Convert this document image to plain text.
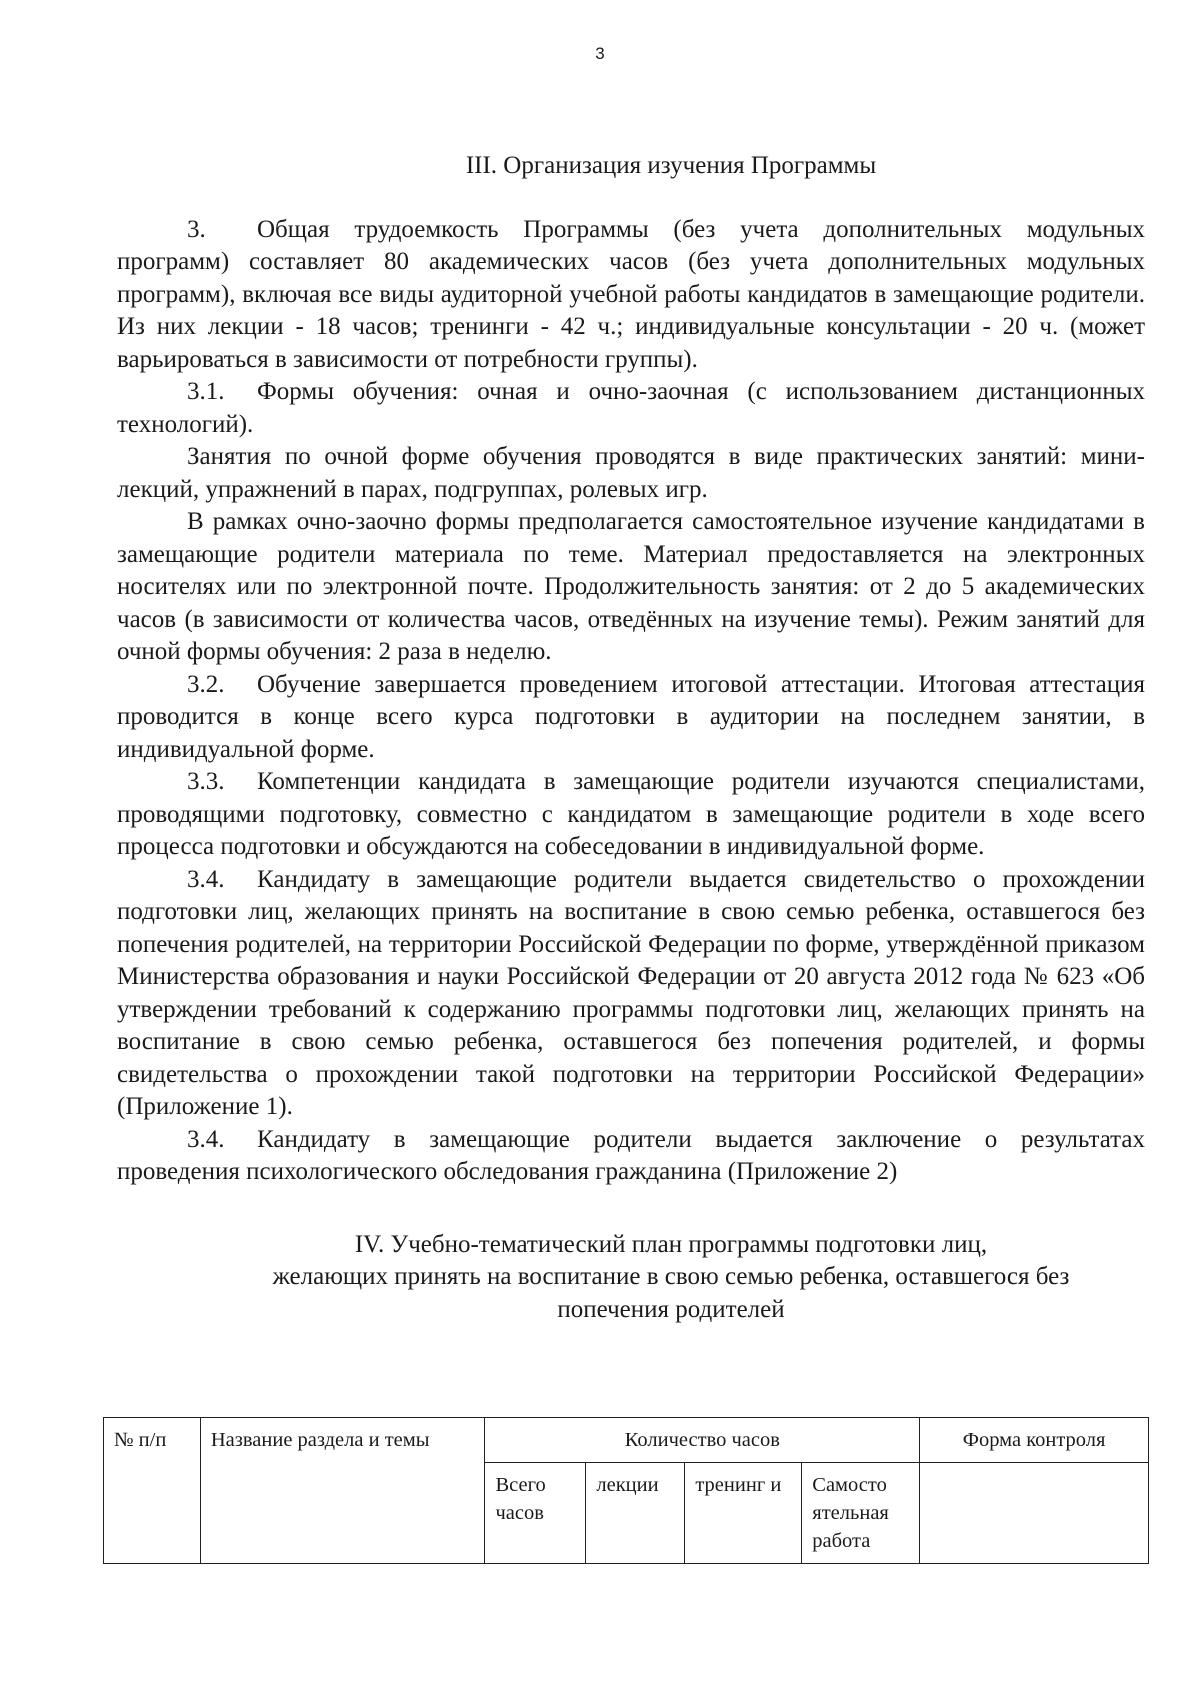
3

III. Организация изучения Программы

3. Общая трудоемкость Программы (без учета дополнительных модульных программ) составляет 80 академических часов (без учета дополнительных модульных программ), включая все виды аудиторной учебной работы кандидатов в замещающие родители. Из них лекции - 18 часов; тренинги - 42 ч.; индивидуальные консультации - 20 ч. (может варьироваться в зависимости от потребности группы).

3.1. Формы обучения: очная и очно-заочная (с использованием дистанционных технологий).

Занятия по очной форме обучения проводятся в виде практических занятий: мини-лекций, упражнений в парах, подгруппах, ролевых игр.

В рамках очно-заочно формы предполагается самостоятельное изучение кандидатами в замещающие родители материала по теме. Материал предоставляется на электронных носителях или по электронной почте. Продолжительность занятия: от 2 до 5 академических часов (в зависимости от количества часов, отведённых на изучение темы). Режим занятий для очной формы обучения: 2 раза в неделю.

3.2. Обучение завершается проведением итоговой аттестации. Итоговая аттестация проводится в конце всего курса подготовки в аудитории на последнем занятии, в индивидуальной форме.

3.3. Компетенции кандидата в замещающие родители изучаются специалистами, проводящими подготовку, совместно с кандидатом в замещающие родители в ходе всего процесса подготовки и обсуждаются на собеседовании в индивидуальной форме.

3.4. Кандидату в замещающие родители выдается свидетельство о прохождении подготовки лиц, желающих принять на воспитание в свою семью ребенка, оставшегося без попечения родителей, на территории Российской Федерации по форме, утверждённой приказом Министерства образования и науки Российской Федерации от 20 августа 2012 года № 623 «Об утверждении требований к содержанию программы подготовки лиц, желающих принять на воспитание в свою семью ребенка, оставшегося без попечения родителей, и формы свидетельства о прохождении такой подготовки на территории Российской Федерации» (Приложение 1).

3.4. Кандидату в замещающие родители выдается заключение о результатах проведения психологического обследования гражданина (Приложение 2)

IV. Учебно-тематический план программы подготовки лиц,
желающих принять на воспитание в свою семью ребенка, оставшегося без
попечения родителей
№ п/п	Название раздела и темы	Количество часов				Форма контроля
		Всего часов	лекции	тренинг и	Самосто ятельная работа	
